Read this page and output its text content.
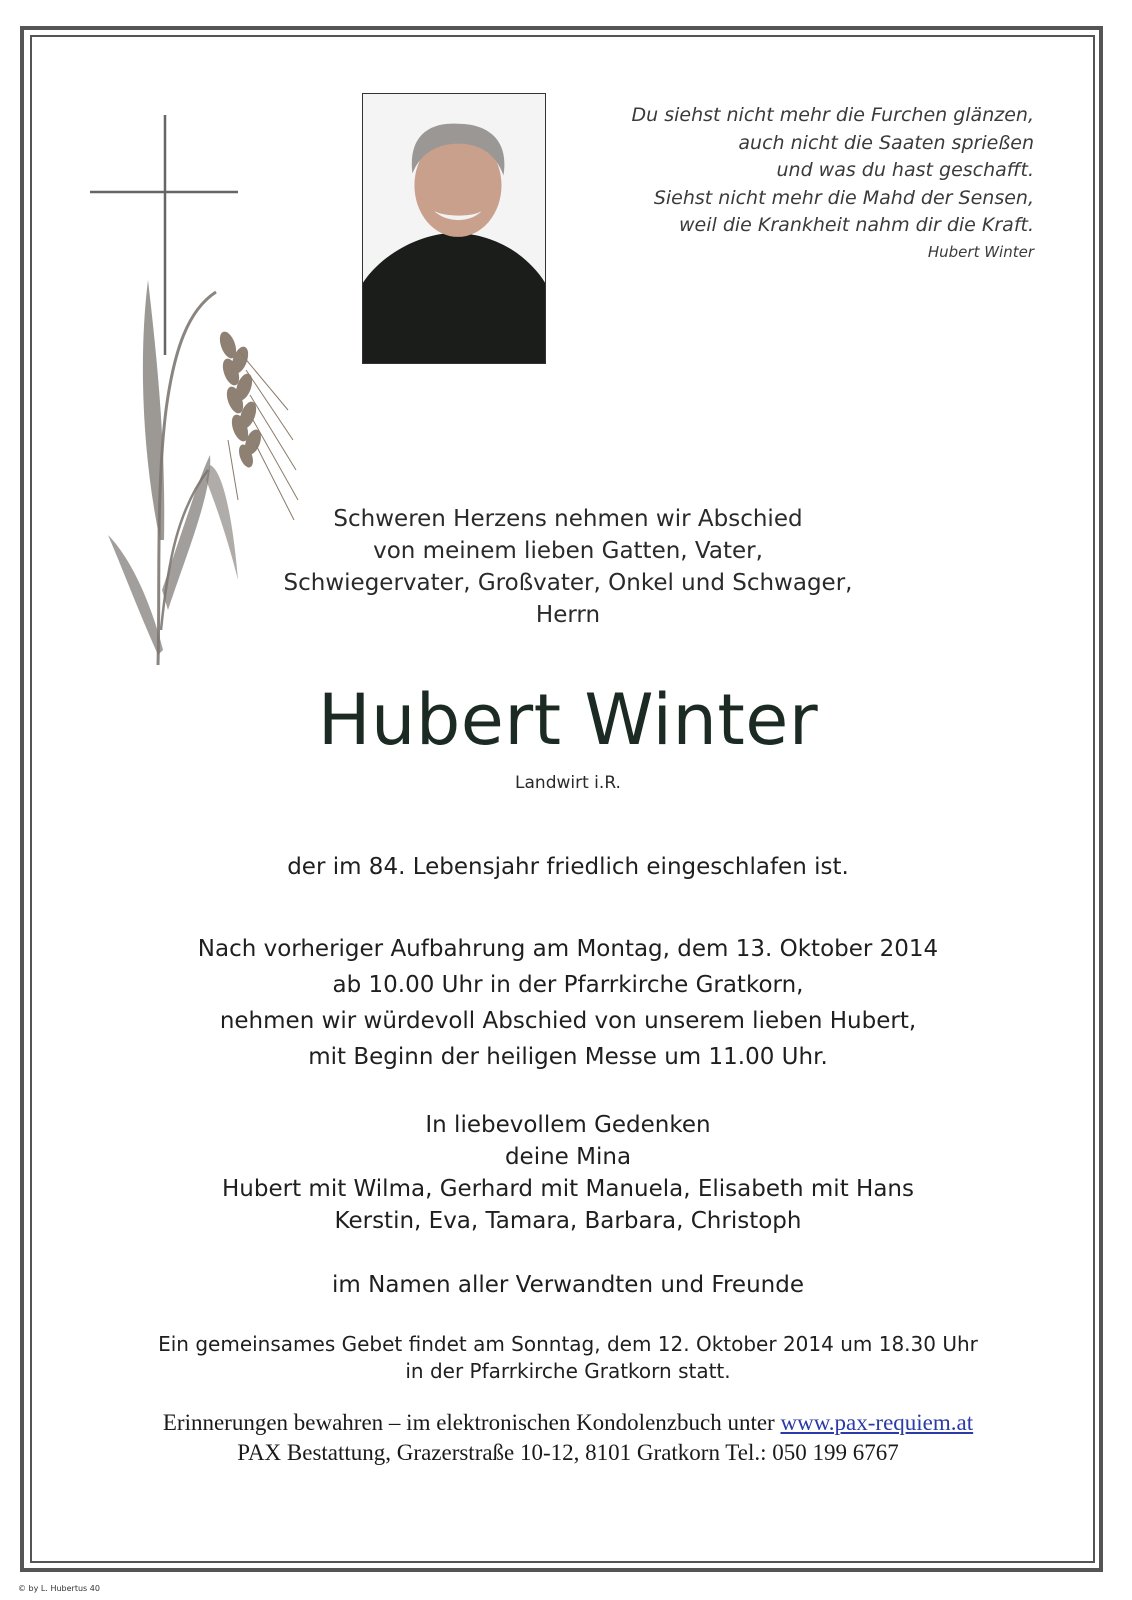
Du siehst nicht mehr die Furchen glänzen,
auch nicht die Saaten sprießen
und was du hast geschafft.
Siehst nicht mehr die Mahd der Sensen,
weil die Krankheit nahm dir die Kraft.
Hubert Winter
Schweren Herzens nehmen wir Abschied
von meinem lieben Gatten, Vater,
Schwiegervater, Großvater, Onkel und Schwager,
Herrn
Hubert Winter
Landwirt i.R.
der im 84. Lebensjahr friedlich eingeschlafen ist.
Nach vorheriger Aufbahrung am Montag, dem 13. Oktober 2014
ab 10.00 Uhr in der Pfarrkirche Gratkorn,
nehmen wir würdevoll Abschied von unserem lieben Hubert,
mit Beginn der heiligen Messe um 11.00 Uhr.
In liebevollem Gedenken
deine Mina
Hubert mit Wilma, Gerhard mit Manuela, Elisabeth mit Hans
Kerstin, Eva, Tamara, Barbara, Christoph
im Namen aller Verwandten und Freunde
Ein gemeinsames Gebet findet am Sonntag, dem 12. Oktober 2014 um 18.30 Uhr
in der Pfarrkirche Gratkorn statt.
Erinnerungen bewahren – im elektronischen Kondolenzbuch unter www.pax-requiem.at
PAX Bestattung, Grazerstraße 10-12, 8101 Gratkorn Tel.: 050 199 6767
© by L. Hubertus 40
